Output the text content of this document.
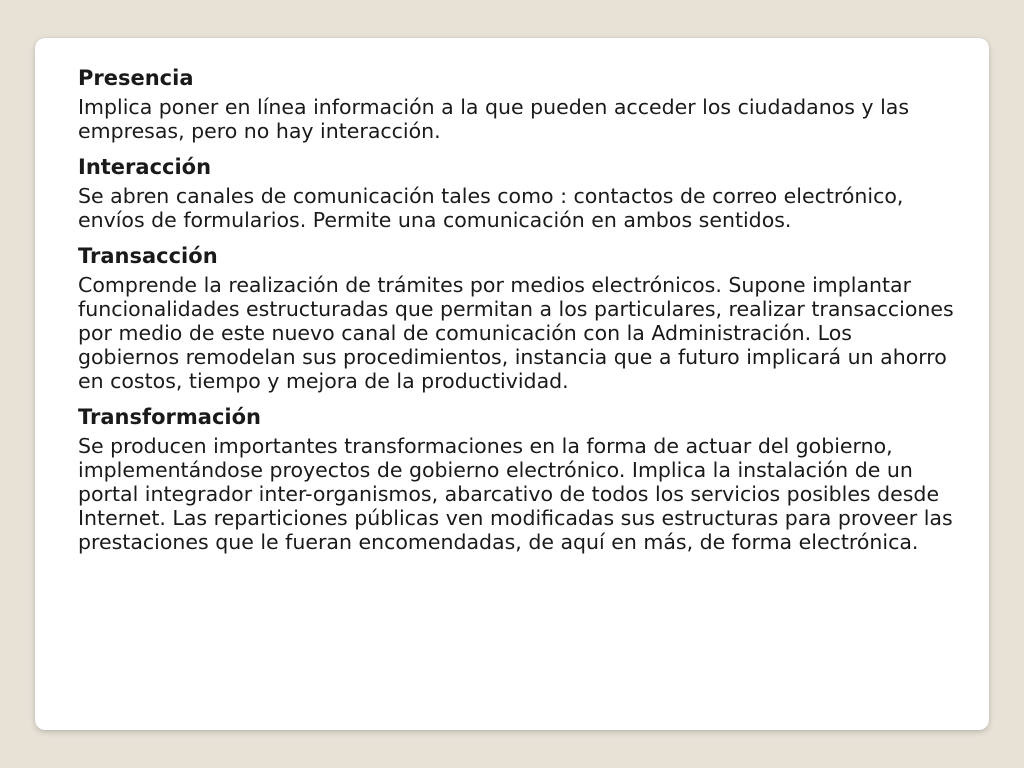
Presencia

Implica poner en línea información a la que pueden acceder los ciudadanos y las empresas, pero no hay interacción.

Interacción

Se abren canales de comunicación tales como : contactos de correo electrónico, envíos de formularios. Permite una comunicación en ambos sentidos.

Transacción

Comprende la realización de trámites por medios electrónicos. Supone implantar funcionalidades estructuradas que permitan a los particulares, realizar transacciones por medio de este nuevo canal de comunicación con la Administración. Los gobiernos remodelan sus procedimientos, instancia que a futuro implicará un ahorro en costos, tiempo y mejora de la productividad.

Transformación

Se producen importantes transformaciones en la forma de actuar del gobierno, implementándose proyectos de gobierno electrónico. Implica la instalación de un portal integrador inter-organismos, abarcativo de todos los servicios posibles desde Internet. Las reparticiones públicas ven modificadas sus estructuras para proveer las prestaciones que le fueran encomendadas, de aquí en más, de forma electrónica.
